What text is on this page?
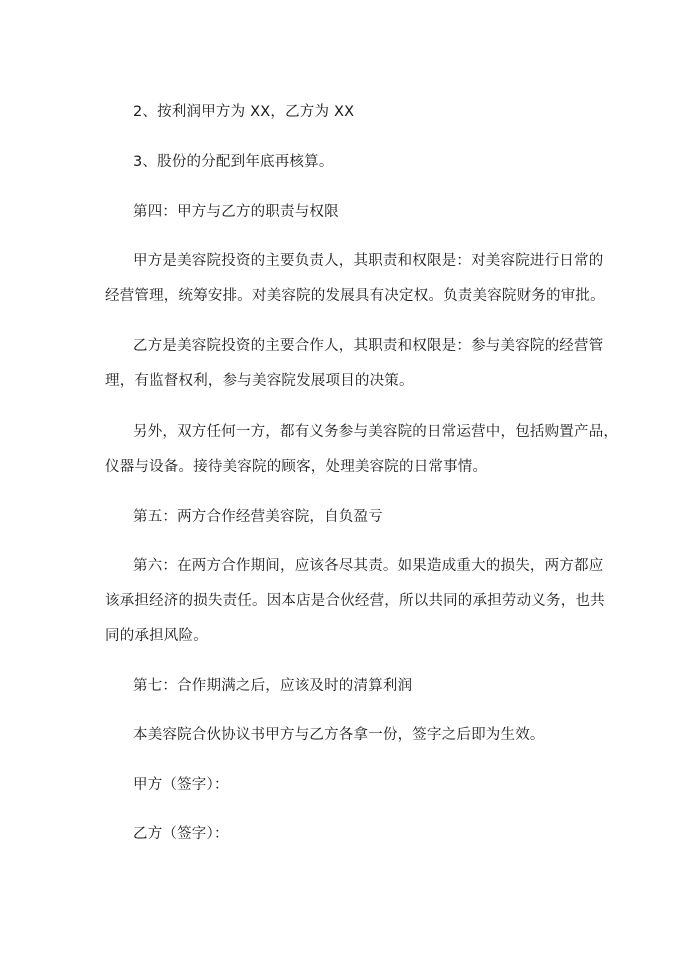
2、按利润甲方为 XX，乙方为 XX

3、股份的分配到年底再核算。

第四：甲方与乙方的职责与权限

甲方是美容院投资的主要负责人，其职责和权限是：对美容院进行日常的

经营管理，统筹安排。对美容院的发展具有决定权。负责美容院财务的审批。

乙方是美容院投资的主要合作人，其职责和权限是：参与美容院的经营管

理，有监督权利，参与美容院发展项目的决策。

另外，双方任何一方，都有义务参与美容院的日常运营中，包括购置产品，

仪器与设备。接待美容院的顾客，处理美容院的日常事情。

第五：两方合作经营美容院，自负盈亏

第六：在两方合作期间，应该各尽其责。如果造成重大的损失，两方都应

该承担经济的损失责任。因本店是合伙经营，所以共同的承担劳动义务，也共

同的承担风险。

第七：合作期满之后，应该及时的清算利润

本美容院合伙协议书甲方与乙方各拿一份，签字之后即为生效。

甲方（签字）：

乙方（签字）：
